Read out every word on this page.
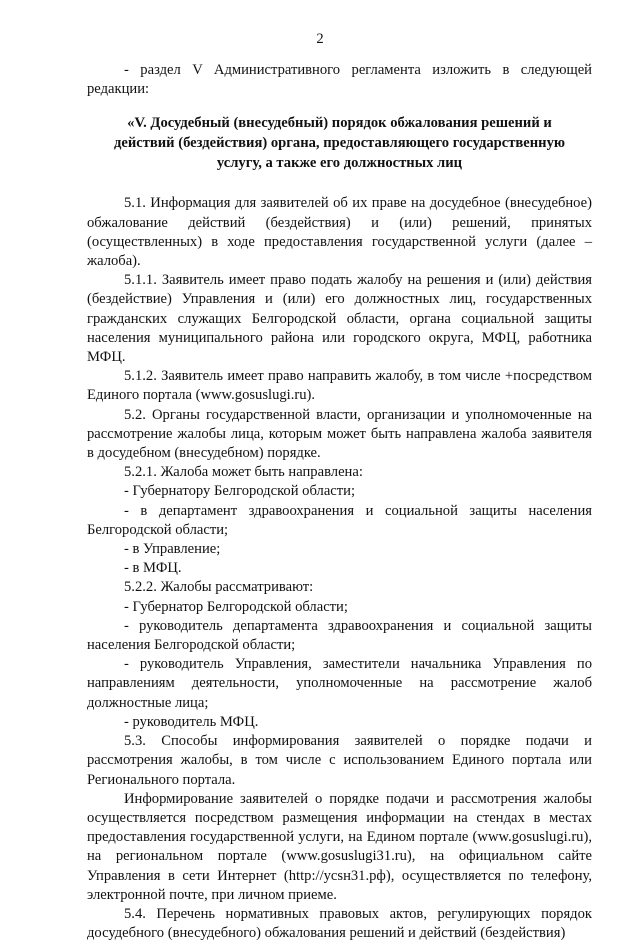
2

- раздел V Административного регламента изложить в следующей редакции:

«V. Досудебный (внесудебный) порядок обжалования решений и действий (бездействия) органа, предоставляющего государственную услугу, а также его должностных лиц

5.1. Информация для заявителей об их праве на досудебное (внесудебное) обжалование действий (бездействия) и (или) решений, принятых (осуществленных) в ходе предоставления государственной услуги (далее – жалоба).

5.1.1. Заявитель имеет право подать жалобу на решения и (или) действия (бездействие) Управления и (или) его должностных лиц, государственных гражданских служащих Белгородской области, органа социальной защиты населения муниципального района или городского округа, МФЦ, работника МФЦ.

5.1.2. Заявитель имеет право направить жалобу, в том числе +посредством Единого портала (www.gosuslugi.ru).

5.2. Органы государственной власти, организации и уполномоченные на рассмотрение жалобы лица, которым может быть направлена жалоба заявителя в досудебном (внесудебном) порядке.

5.2.1. Жалоба может быть направлена:

- Губернатору Белгородской области;

- в департамент здравоохранения и социальной защиты населения Белгородской области;

- в Управление;

- в МФЦ.

5.2.2. Жалобы рассматривают:

- Губернатор Белгородской области;

- руководитель департамента здравоохранения и социальной защиты населения Белгородской области;

- руководитель Управления, заместители начальника Управления по направлениям деятельности, уполномоченные на рассмотрение жалоб должностные лица;

- руководитель МФЦ.

5.3. Способы информирования заявителей о порядке подачи и рассмотрения жалобы, в том числе с использованием Единого портала или Регионального портала.

Информирование заявителей о порядке подачи и рассмотрения жалобы осуществляется посредством размещения информации на стендах в местах предоставления государственной услуги, на Едином портале (www.gosuslugi.ru), на региональном портале (www.gosuslugi31.ru), на официальном сайте Управления в сети Интернет (http://ycsн31.рф), осуществляется по телефону, электронной почте, при личном приеме.

5.4. Перечень нормативных правовых актов, регулирующих порядок досудебного (внесудебного) обжалования решений и действий (бездействия)
